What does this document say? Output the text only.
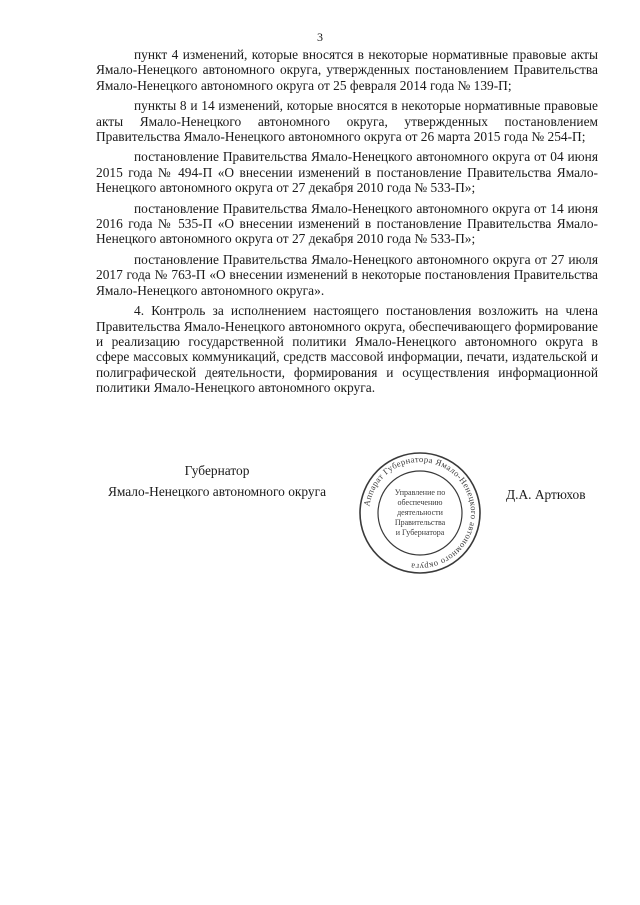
3

пункт 4 изменений, которые вносятся в некоторые нормативные правовые акты Ямало-Ненецкого автономного округа, утвержденных постановлением Правительства Ямало-Ненецкого автономного округа от 25 февраля 2014 года № 139-П;

пункты 8 и 14 изменений, которые вносятся в некоторые нормативные правовые акты Ямало-Ненецкого автономного округа, утвержденных постановлением Правительства Ямало-Ненецкого автономного округа от 26 марта 2015 года № 254-П;

постановление Правительства Ямало-Ненецкого автономного округа от 04 июня 2015 года № 494-П «О внесении изменений в постановление Правительства Ямало-Ненецкого автономного округа от 27 декабря 2010 года № 533-П»;

постановление Правительства Ямало-Ненецкого автономного округа от 14 июня 2016 года № 535-П «О внесении изменений в постановление Правительства Ямало-Ненецкого автономного округа от 27 декабря 2010 года № 533-П»;

постановление Правительства Ямало-Ненецкого автономного округа от 27 июля 2017 года № 763-П «О внесении изменений в некоторые постановления Правительства Ямало-Ненецкого автономного округа».

4. Контроль за исполнением настоящего постановления возложить на члена Правительства Ямало-Ненецкого автономного округа, обеспечивающего формирование и реализацию государственной политики Ямало-Ненецкого автономного округа в сфере массовых коммуникаций, средств массовой информации, печати, издательской и полиграфической деятельности, формирования и осуществления информационной политики Ямало-Ненецкого автономного округа.

Губернатор
Ямало-Ненецкого автономного округа
Аппарат Губернатора Ямало-Ненецкого автономного округа
Управление по
обеспечению
деятельности
Правительства
и Губернатора
Д.А. Артюхов
